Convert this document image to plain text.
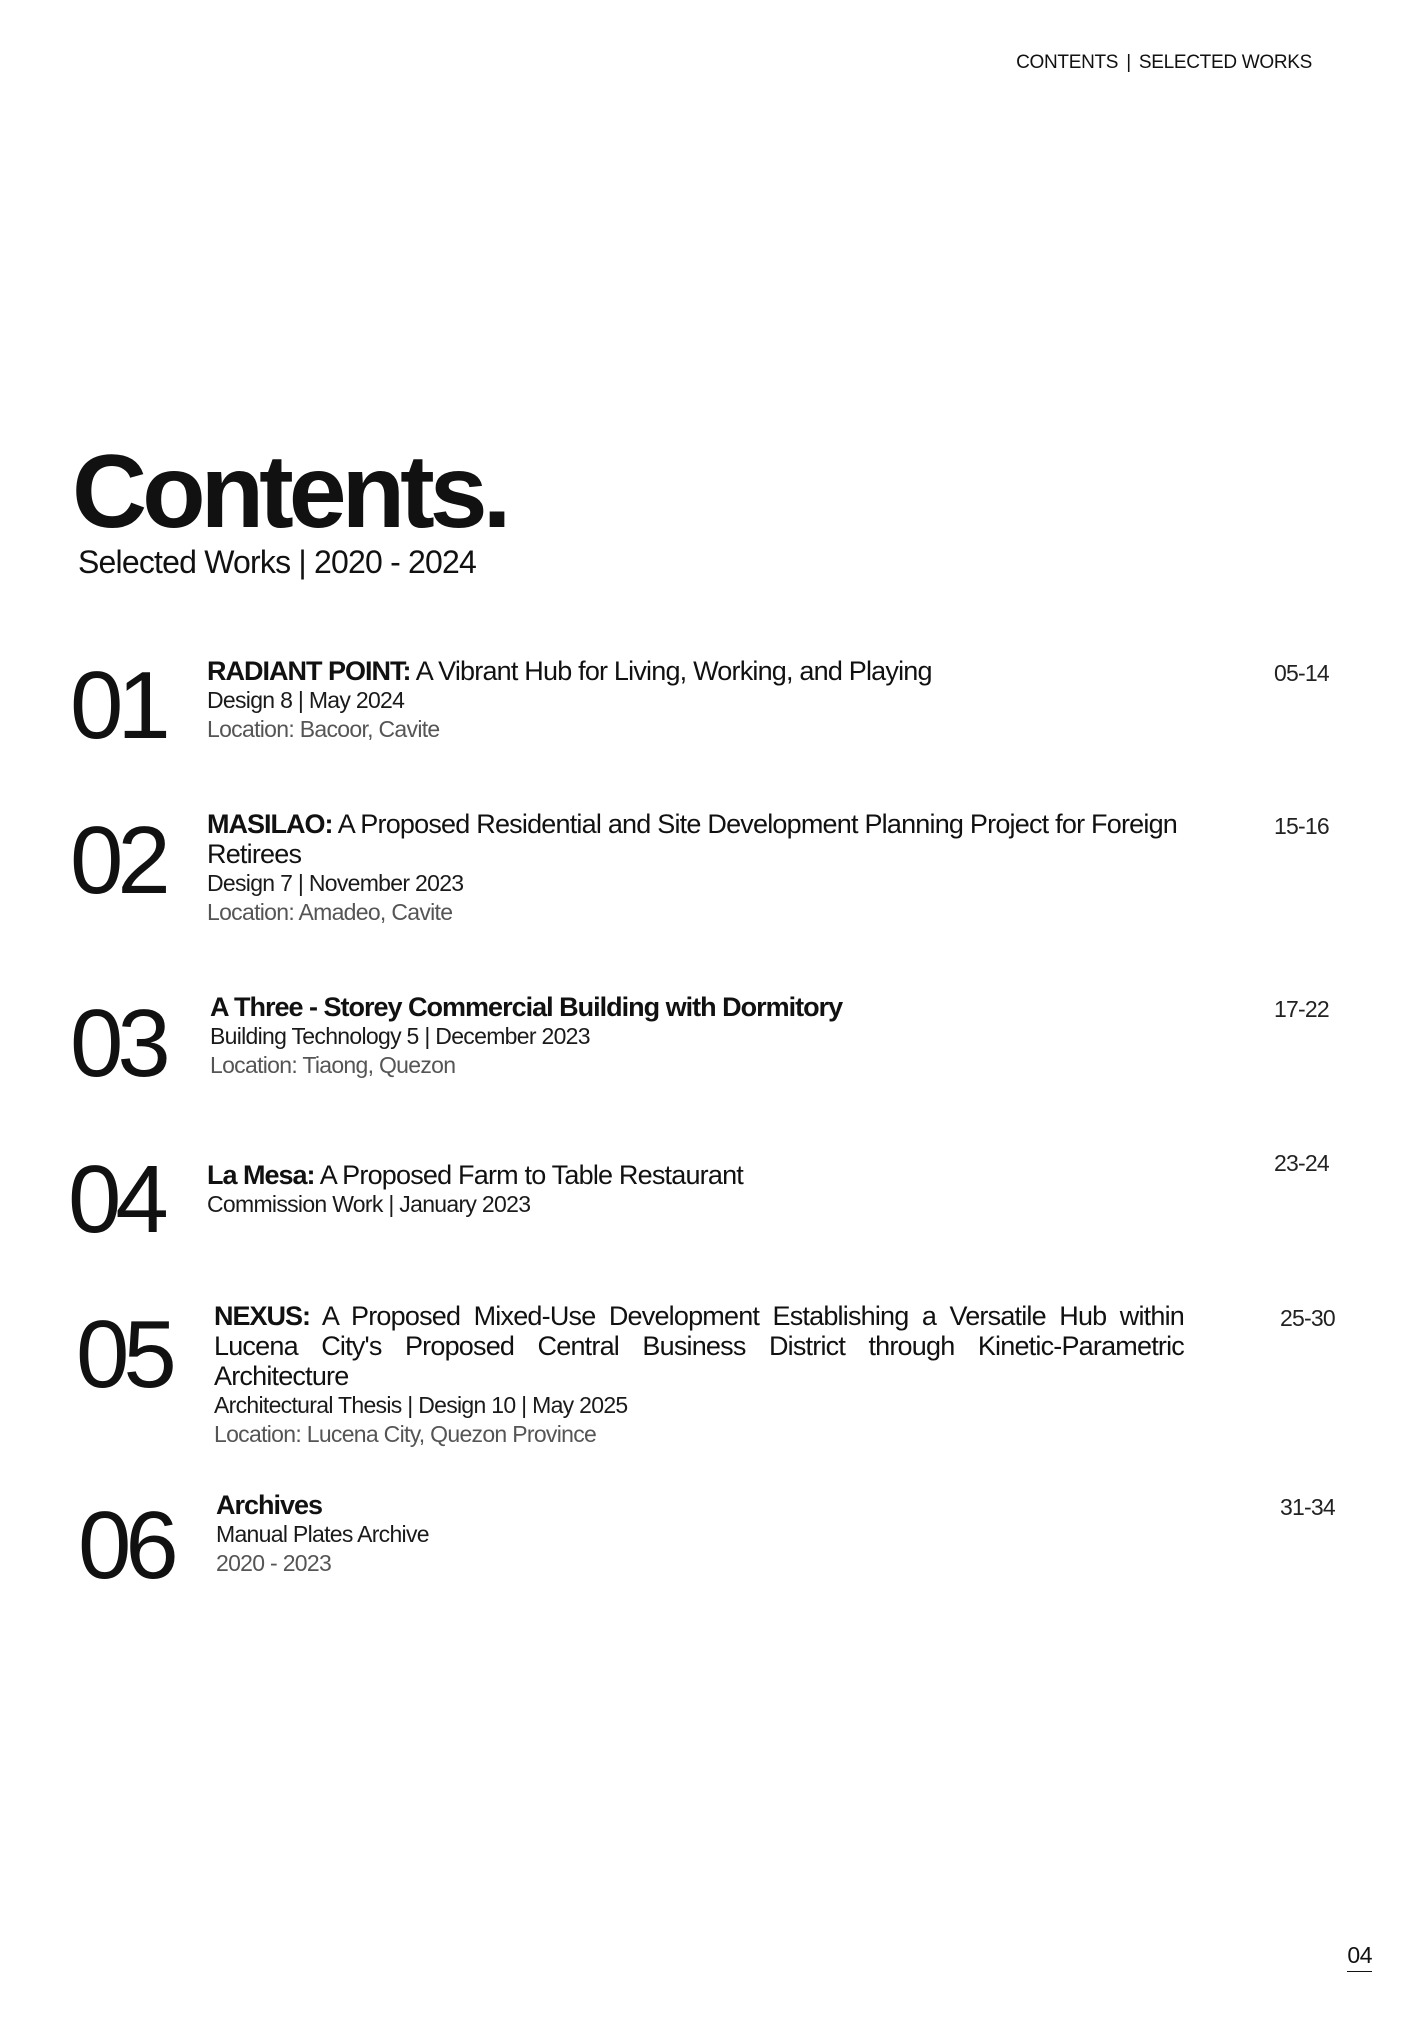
CONTENTS | SELECTED WORKS
Contents.
Selected Works | 2020 - 2024
01 RADIANT POINT: A Vibrant Hub for Living, Working, and Playing
Design 8 | May 2024
Location: Bacoor, Cavite
05-14
02 MASILAO: A Proposed Residential and Site Development Planning Project for Foreign Retirees
Design 7 | November 2023
Location: Amadeo, Cavite
15-16
03 A Three - Storey Commercial Building with Dormitory
Building Technology 5 | December 2023
Location: Tiaong, Quezon
17-22
04 La Mesa: A Proposed Farm to Table Restaurant
Commission Work | January 2023
23-24
05 NEXUS: A Proposed Mixed-Use Development Establishing a Versatile Hub within Lucena City's Proposed Central Business District through Kinetic-Parametric Architecture
Architectural Thesis | Design 10 | May 2025
Location: Lucena City, Quezon Province
25-30
06 Archives
Manual Plates Archive
2020 - 2023
31-34
04
